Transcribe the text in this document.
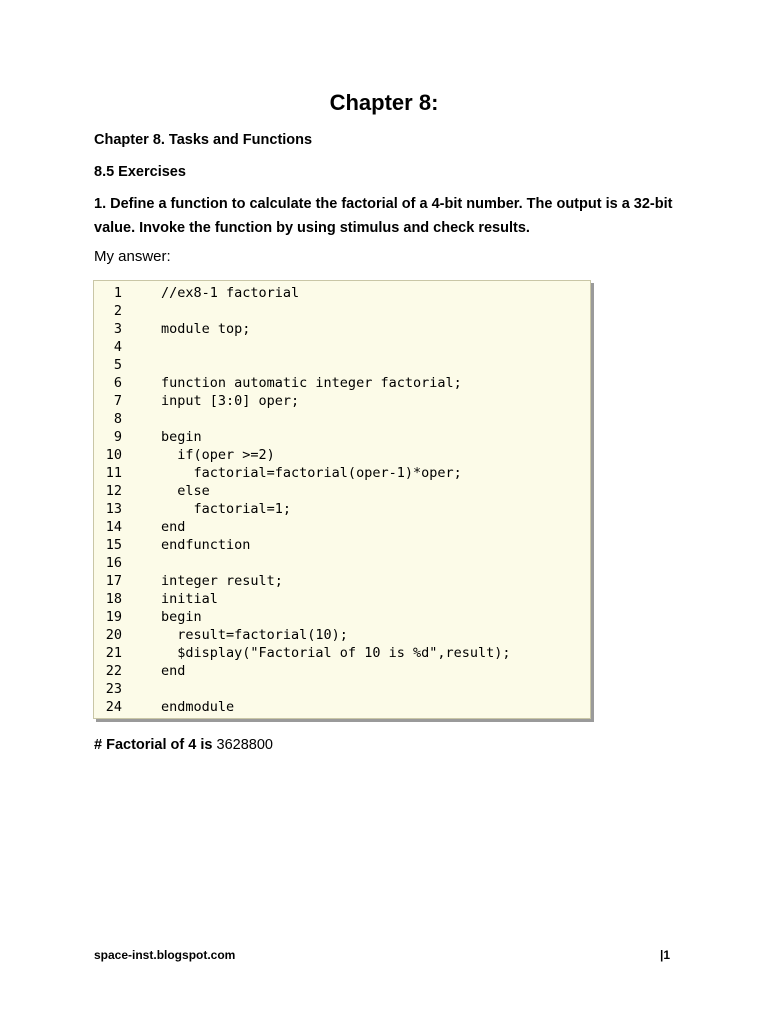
Chapter 8:
Chapter 8. Tasks and Functions
8.5 Exercises
1. Define a function to calculate the factorial of a 4-bit number. The output is a 32-bit value. Invoke the function by using stimulus and check results.
My answer:
1	//ex8-1 factorial
2
3	module top;
4
5
6	function automatic integer factorial;
7	input [3:0] oper;
8
9	begin
10	if(oper >=2)
11	factorial=factorial(oper-1)*oper;
12	else
13	factorial=1;
14	end
15	endfunction
16
17	integer result;
18	initial
19	begin
20	result=factorial(10);
21	$display("Factorial of 10 is %d",result);
22	end
23
24	endmodule
# Factorial of 4 is 3628800
space-inst.blogspot.com	|1
